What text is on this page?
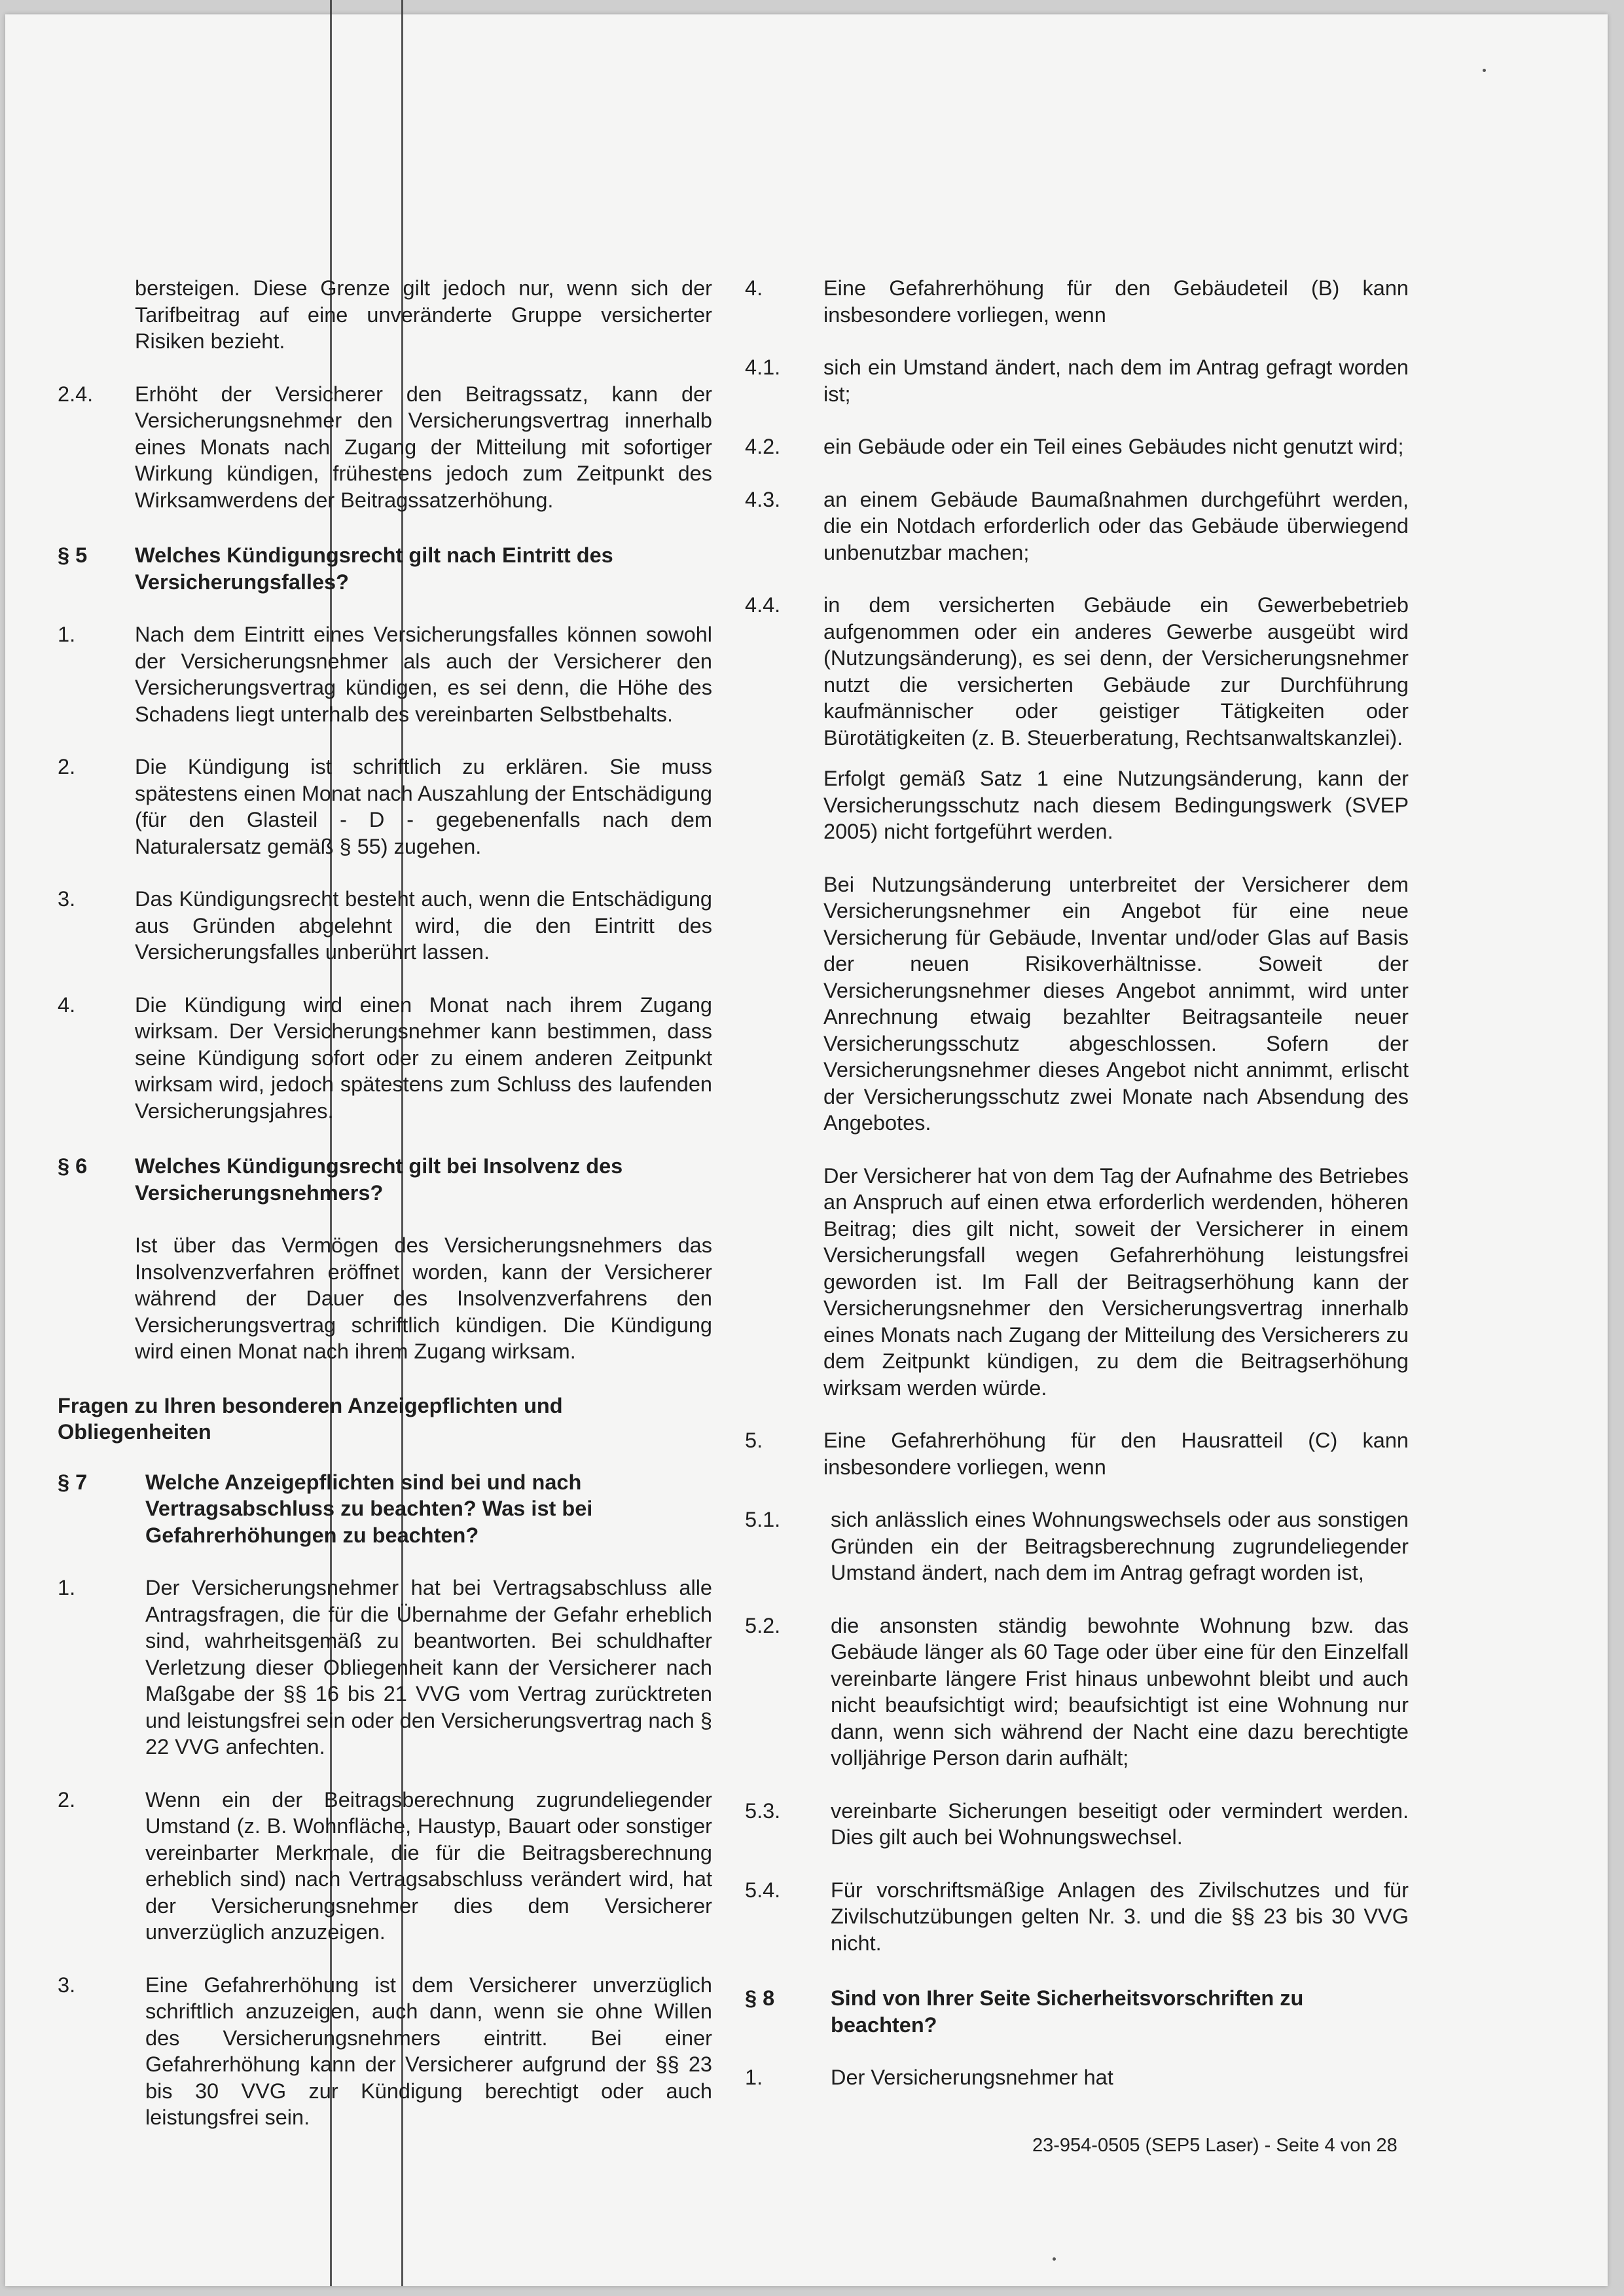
bersteigen. Diese Grenze gilt jedoch nur, wenn sich der Tarifbeitrag auf eine unveränderte Gruppe versicherter Risiken bezieht.
2.4.	Erhöht der Versicherer den Beitragssatz, kann der Versicherungsnehmer den Versicherungsvertrag innerhalb eines Monats nach Zugang der Mitteilung mit sofortiger Wirkung kündigen, frühestens jedoch zum Zeitpunkt des Wirksamwerdens der Beitragssatzerhöhung.
§ 5	Welches Kündigungsrecht gilt nach Eintritt des Versicherungsfalles?
1.	Nach dem Eintritt eines Versicherungsfalles können sowohl der Versicherungsnehmer als auch der Versicherer den Versicherungsvertrag kündigen, es sei denn, die Höhe des Schadens liegt unterhalb des vereinbarten Selbstbehalts.
2.	Die Kündigung ist schriftlich zu erklären. Sie muss spätestens einen Monat nach Auszahlung der Entschädigung (für den Glasteil - D - gegebenenfalls nach dem Naturalersatz gemäß § 55) zugehen.
3.	Das Kündigungsrecht besteht auch, wenn die Entschädigung aus Gründen abgelehnt wird, die den Eintritt des Versicherungsfalles unberührt lassen.
4.	Die Kündigung wird einen Monat nach ihrem Zugang wirksam. Der Versicherungsnehmer kann bestimmen, dass seine Kündigung sofort oder zu einem anderen Zeitpunkt wirksam wird, jedoch spätestens zum Schluss des laufenden Versicherungsjahres.
§ 6	Welches Kündigungsrecht gilt bei Insolvenz des Versicherungsnehmers?
Ist über das Vermögen des Versicherungsnehmers das Insolvenzverfahren eröffnet worden, kann der Versicherer während der Dauer des Insolvenzverfahrens den Versicherungsvertrag schriftlich kündigen. Die Kündigung wird einen Monat nach ihrem Zugang wirksam.
Fragen zu Ihren besonderen Anzeigepflichten und Obliegenheiten
§ 7	Welche Anzeigepflichten sind bei und nach Vertragsabschluss zu beachten? Was ist bei Gefahrerhöhungen zu beachten?
1.	Der Versicherungsnehmer hat bei Vertragsabschluss alle Antragsfragen, die für die Übernahme der Gefahr erheblich sind, wahrheitsgemäß zu beantworten. Bei schuldhafter Verletzung dieser Obliegenheit kann der Versicherer nach Maßgabe der §§ 16 bis 21 VVG vom Vertrag zurücktreten und leistungsfrei sein oder den Versicherungsvertrag nach § 22 VVG anfechten.
2.	Wenn ein der Beitragsberechnung zugrundeliegender Umstand (z. B. Wohnfläche, Haustyp, Bauart oder sonstiger vereinbarter Merkmale, die für die Beitragsberechnung erheblich sind) nach Vertragsabschluss verändert wird, hat der Versicherungsnehmer dies dem Versicherer unverzüglich anzuzeigen.
3.	Eine Gefahrerhöhung ist dem Versicherer unverzüglich schriftlich anzuzeigen, auch dann, wenn sie ohne Willen des Versicherungsnehmers eintritt. Bei einer Gefahrerhöhung kann der Versicherer aufgrund der §§ 23 bis 30 VVG zur Kündigung berechtigt oder auch leistungsfrei sein.
4.	Eine Gefahrerhöhung für den Gebäudeteil (B) kann insbesondere vorliegen, wenn
4.1.	sich ein Umstand ändert, nach dem im Antrag gefragt worden ist;
4.2.	ein Gebäude oder ein Teil eines Gebäudes nicht genutzt wird;
4.3.	an einem Gebäude Baumaßnahmen durchgeführt werden, die ein Notdach erforderlich oder das Gebäude überwiegend unbenutzbar machen;
4.4.	in dem versicherten Gebäude ein Gewerbebetrieb aufgenommen oder ein anderes Gewerbe ausgeübt wird (Nutzungsänderung), es sei denn, der Versicherungsnehmer nutzt die versicherten Gebäude zur Durchführung kaufmännischer oder geistiger Tätigkeiten oder Bürotätigkeiten (z. B. Steuerberatung, Rechtsanwaltskanzlei).
Erfolgt gemäß Satz 1 eine Nutzungsänderung, kann der Versicherungsschutz nach diesem Bedingungswerk (SVEP 2005) nicht fortgeführt werden.
Bei Nutzungsänderung unterbreitet der Versicherer dem Versicherungsnehmer ein Angebot für eine neue Versicherung für Gebäude, Inventar und/oder Glas auf Basis der neuen Risikoverhältnisse. Soweit der Versicherungsnehmer dieses Angebot annimmt, wird unter Anrechnung etwaig bezahlter Beitragsanteile neuer Versicherungsschutz abgeschlossen. Sofern der Versicherungsnehmer dieses Angebot nicht annimmt, erlischt der Versicherungsschutz zwei Monate nach Absendung des Angebotes.
Der Versicherer hat von dem Tag der Aufnahme des Betriebes an Anspruch auf einen etwa erforderlich werdenden, höheren Beitrag; dies gilt nicht, soweit der Versicherer in einem Versicherungsfall wegen Gefahrerhöhung leistungsfrei geworden ist. Im Fall der Beitragserhöhung kann der Versicherungsnehmer den Versicherungsvertrag innerhalb eines Monats nach Zugang der Mitteilung des Versicherers zu dem Zeitpunkt kündigen, zu dem die Beitragserhöhung wirksam werden würde.
5.	Eine Gefahrerhöhung für den Hausratteil (C) kann insbesondere vorliegen, wenn
5.1.	sich anlässlich eines Wohnungswechsels oder aus sonstigen Gründen ein der Beitragsberechnung zugrundeliegender Umstand ändert, nach dem im Antrag gefragt worden ist,
5.2.	die ansonsten ständig bewohnte Wohnung bzw. das Gebäude länger als 60 Tage oder über eine für den Einzelfall vereinbarte längere Frist hinaus unbewohnt bleibt und auch nicht beaufsichtigt wird; beaufsichtigt ist eine Wohnung nur dann, wenn sich während der Nacht eine dazu berechtigte volljährige Person darin aufhält;
5.3.	vereinbarte Sicherungen beseitigt oder vermindert werden. Dies gilt auch bei Wohnungswechsel.
5.4.	Für vorschriftsmäßige Anlagen des Zivilschutzes und für Zivilschutzübungen gelten Nr. 3. und die §§ 23 bis 30 VVG nicht.
§ 8	Sind von Ihrer Seite Sicherheitsvorschriften zu beachten?
1.	Der Versicherungsnehmer hat
23-954-0505 (SEP5 Laser) - Seite 4 von 28
